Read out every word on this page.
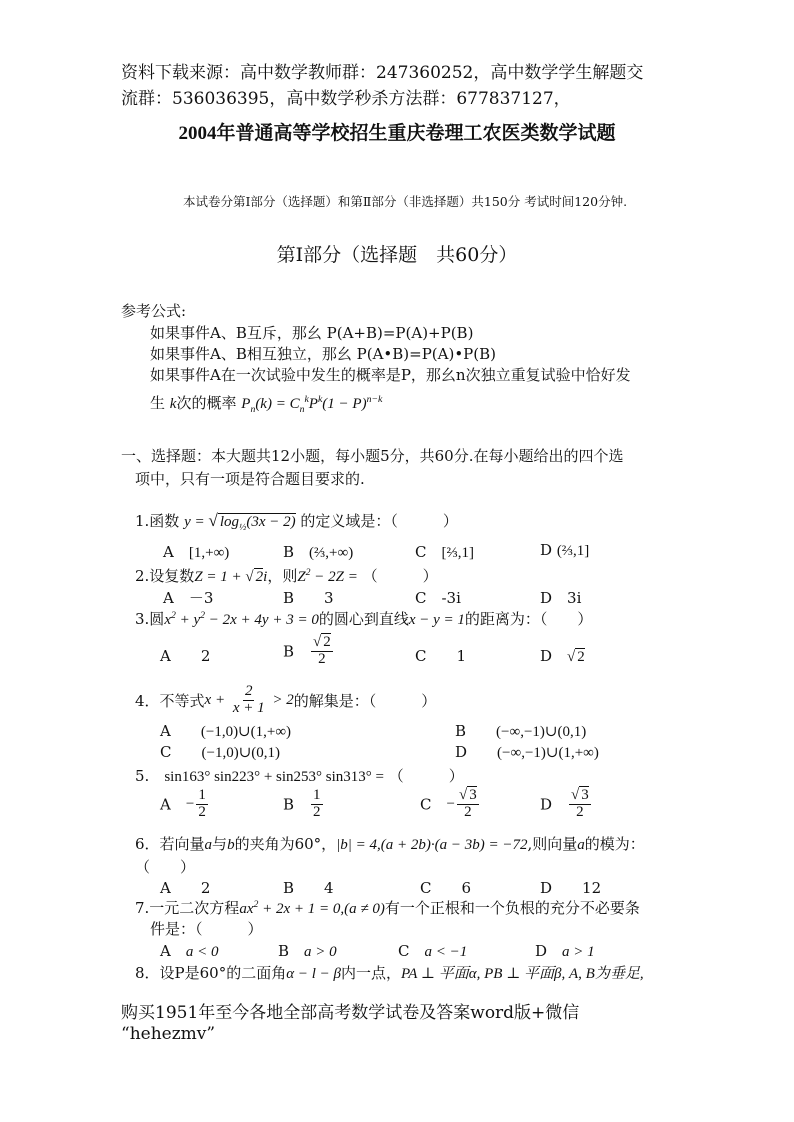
资料下载来源：高中数学教师群：247360252，高中数学学生解题交
流群：536036395，高中数学秒杀方法群：677837127，
2004年普通高等学校招生重庆卷理工农医类数学试题
本试卷分第Ⅰ部分（选择题）和第Ⅱ部分（非选择题）共150分 考试时间120分钟.
第Ⅰ部分（选择题　共60分）
参考公式:
如果事件A、B互斥，那幺 P(A+B)=P(A)+P(B)
如果事件A、B相互独立，那幺 P(A•B)=P(A)•P(B)
如果事件A在一次试验中发生的概率是P，那幺n次独立重复试验中恰好发
生 k次的概率 $P_n(k) = C_n^kP^k(1 - P)^{n-k}$
一、选择题：本大题共12小题，每小题5分，共60分.在每小题给出的四个选
项中，只有一项是符合题目要求的.
1.函数 y = √ $\log_{\frac{1}{2}}(3x - 2)$ 的定义域是：（　　　）
A　 [1,+∞)	B　 (⅔,+∞)	C　 [⅔,1]	D (⅔,1]
2.设复数Z = 1 + √ 2i，则$Z^2 - 2Z$ = （　　　）
A　－3	B　　3	C　-3i	D　3i
3.圆$x^2 + y^2 - 2x + 4y + 3 = 0$的圆心到直线x − y = 1的距离为：（　　）
A　　2	B　 $\frac{√ 2}{2}$	C　　1	D　 √ 2
4．不等式$x + \frac{2}{x + 1} > 2$的解集是：（　　　）
A　　 (−1,0)∪(1,+∞)	B　　 (−∞,−1)∪(0,1)
C　　 (−1,0)∪(0,1)	D　　 (−∞,−1)∪(1,+∞)
5.　 sin163° sin223° + sin253° sin313° = （　　　）
A　 − $\frac{1}{2}$	B　 $\frac{1}{2}$	C　 − $\frac{√ 3}{2}$	D　 $\frac{√ 3}{2}$
6．若向量a与b的夹角为60°，|b| = 4,(a + 2b)·(a − 3b) = −72,则向量a的模为：
（　　）
A　　2	B　　4	C　　6	D　　12
7.一元二次方程$ax^2 + 2x + 1 = 0,(a \ne 0)$有一个正根和一个负根的充分不必要条
件是：（　　　）
A　 a < 0	B　 a > 0	C　 a < −1	D　 a > 1
8．设P是60°的二面角α − l − β内一点，PA ⊥ 平面α, PB ⊥ 平面β, A, B为垂足,
购买1951年至今各地全部高考数学试卷及答案word版+微信
“hehezmv”
